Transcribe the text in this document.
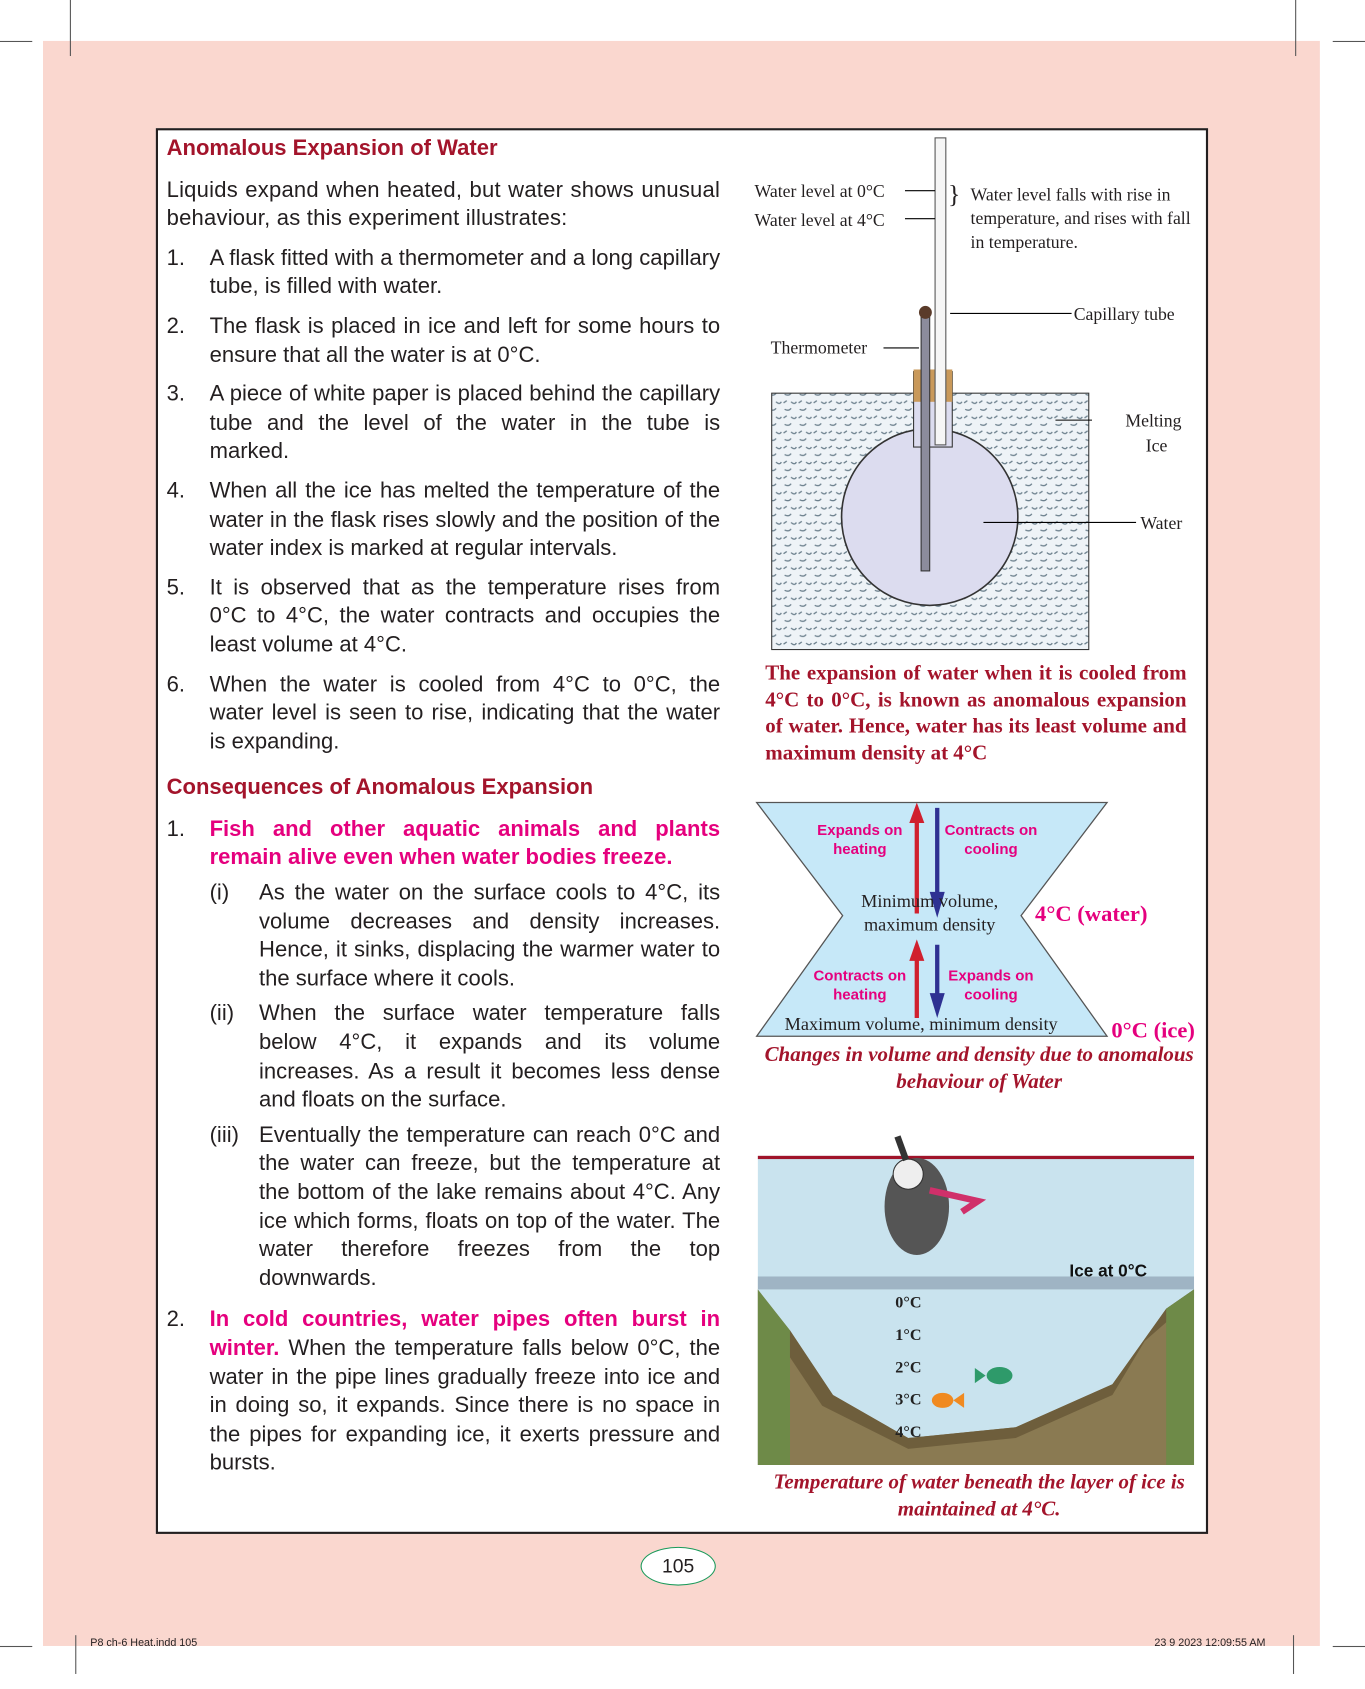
Anomalous Expansion of Water

Liquids expand when heated, but water shows unusual behaviour, as this experiment illustrates:

1.	A flask fitted with a thermometer and a long capillary tube, is filled with water.
2.	The flask is placed in ice and left for some hours to ensure that all the water is at 0°C.
3.	A piece of white paper is placed behind the capillary tube and the level of the water in the tube is marked.
4.	When all the ice has melted the temperature of the water in the flask rises slowly and the position of the water index is marked at regular intervals.
5.	It is observed that as the temperature rises from 0°C to 4°C, the water contracts and occupies the least volume at 4°C.
6.	When the water is cooled from 4°C to 0°C, the water level is seen to rise, indicating that the water is expanding.
Consequences of Anomalous Expansion
1.	Fish and other aquatic animals and plants remain alive even when water bodies freeze.
(i)	As the water on the surface cools to 4°C, its volume decreases and density increases. Hence, it sinks, displacing the warmer water to the surface where it cools.
(ii)	When the surface water temperature falls below 4°C, it expands and its volume increases. As a result it becomes less dense and floats on the surface.
(iii) Eventually the temperature can reach 0°C and the water can freeze, but the temperature at the bottom of the lake remains about 4°C. Any ice which forms, floats on top of the water. The water therefore freezes from the top downwards.
2.	In cold countries, water pipes often burst in winter. When the temperature falls below 0°C, the water in the pipe lines gradually freeze into ice and in doing so, it expands. Since there is no space in the pipes for expanding ice, it exerts pressure and bursts.
Water level at 0°C
Water level at 4°C
} Water level falls with rise in temperature, and rises with fall in temperature.
Capillary tube
Thermometer
Melting
Ice
Water
The expansion of water when it is cooled from 4°C to 0°C, is known as anomalous expansion of water. Hence, water has its least volume and maximum density at 4°C
Expands on heating
Contracts on cooling
Minimum volume, maximum density
Contracts on heating
Expands on cooling
Maximum volume, minimum density
4°C (water)
0°C (ice)
Changes in volume and density due to anomalous behaviour of Water
Ice at 0°C
0°C
1°C
2°C
3°C
4°C
Temperature of water beneath the layer of ice is maintained at 4°C.
105
P8 ch-6 Heat.indd 105	23 9 2023 12:09:55 AM
